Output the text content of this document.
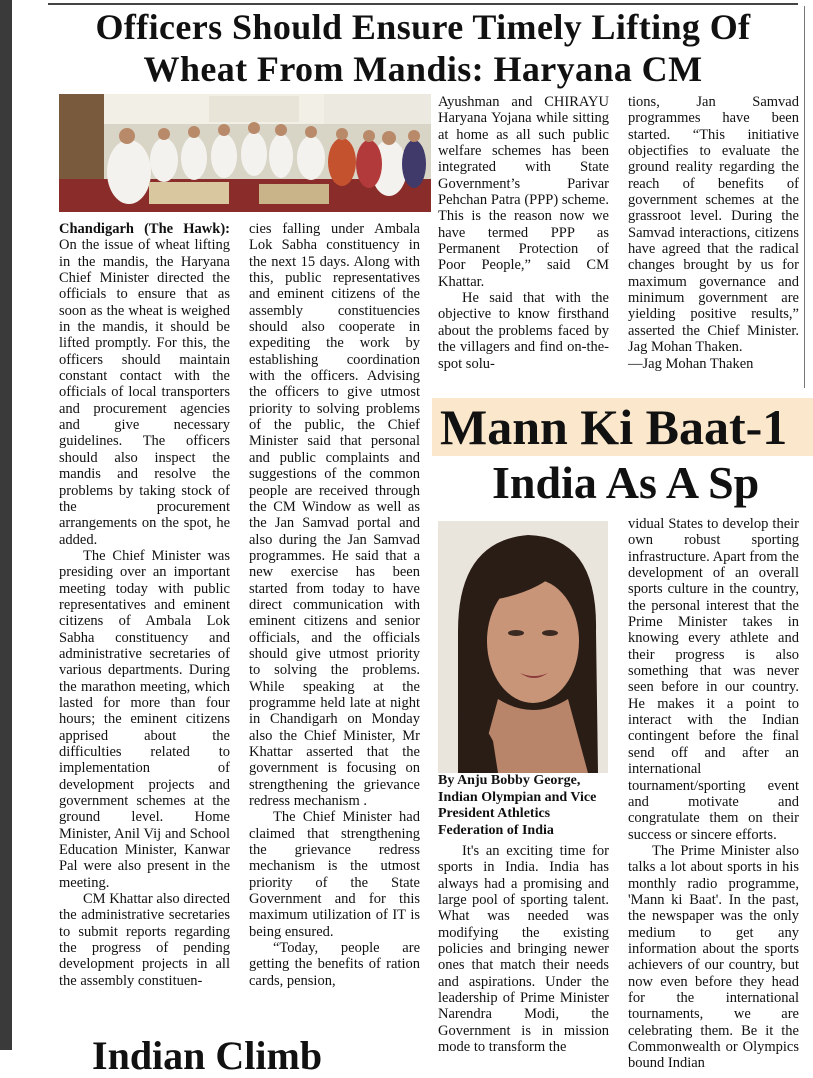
Officers Should Ensure Timely Lifting Of Wheat From Mandis: Haryana CM

Chandigarh (The Hawk): On the issue of wheat lifting in the mandis, the Haryana Chief Minister directed the officials to ensure that as soon as the wheat is weighed in the mandis, it should be lifted promptly. For this, the officers should maintain constant contact with the officials of local transporters and procurement agencies and give necessary guidelines. The officers should also inspect the mandis and resolve the problems by taking stock of the procurement arrangements on the spot, he added.

The Chief Minister was presiding over an important meeting today with public representatives and eminent citizens of Ambala Lok Sabha constituency and administrative secretaries of various departments. During the marathon meeting, which lasted for more than four hours; the eminent citizens apprised about the difficulties related to implementation of development projects and government schemes at the ground level. Home Minister, Anil Vij and School Education Minister, Kanwar Pal were also present in the meeting.

CM Khattar also directed the administrative secretaries to submit reports regarding the progress of pending development projects in all the assembly constituen-

cies falling under Ambala Lok Sabha constituency in the next 15 days. Along with this, public representatives and eminent citizens of the assembly constituencies should also cooperate in expediting the work by establishing coordination with the officers. Advising the officers to give utmost priority to solving problems of the public, the Chief Minister said that personal and public complaints and suggestions of the common people are received through the CM Window as well as the Jan Samvad portal and also during the Jan Samvad programmes. He said that a new exercise has been started from today to have direct communication with eminent citizens and senior officials, and the officials should give utmost priority to solving the problems. While speaking at the programme held late at night in Chandigarh on Monday also the Chief Minister, Mr Khattar asserted that the government is focusing on strengthening the grievance redress mechanism .

The Chief Minister had claimed that strengthening the grievance redress mechanism is the utmost priority of the State Government and for this maximum utilization of IT is being ensured.

“Today, people are getting the benefits of ration cards, pension,

Ayushman and CHIRAYU Haryana Yojana while sitting at home as all such public welfare schemes has been integrated with State Government’s Parivar Pehchan Patra (PPP) scheme. This is the reason now we have termed PPP as Permanent Protection of Poor People,” said CM Khattar.

He said that with the objective to know firsthand about the problems faced by the villagers and find on-the-spot solu-

tions, Jan Samvad programmes have been started. “This initiative objectifies to evaluate the ground reality regarding the reach of benefits of government schemes at the grassroot level. During the Samvad interactions, citizens have agreed that the radical changes brought by us for maximum governance and minimum government are yielding positive results,” asserted the Chief Minister. Jag Mohan Thaken.

—Jag Mohan Thaken

Mann Ki Baat-1
India As A Sp
By Anju Bobby George, Indian Olympian and Vice President Athletics Federation of India

It's an exciting time for sports in India. India has always had a promising and large pool of sporting talent. What was needed was modifying the existing policies and bringing newer ones that match their needs and aspirations. Under the leadership of Prime Minister Narendra Modi, the Government is in mission mode to transform the

vidual States to develop their own robust sporting infrastructure. Apart from the development of an overall sports culture in the country, the personal interest that the Prime Minister takes in knowing every athlete and their progress is also something that was never seen before in our country. He makes it a point to interact with the Indian contingent before the final send off and after an international tournament/sporting event and motivate and congratulate them on their success or sincere efforts.

The Prime Minister also talks a lot about sports in his monthly radio programme, 'Mann ki Baat'. In the past, the newspaper was the only medium to get any information about the sports achievers of our country, but now even before they head for the international tournaments, we are celebrating them. Be it the Commonwealth or Olympics bound Indian

Indian Climb
